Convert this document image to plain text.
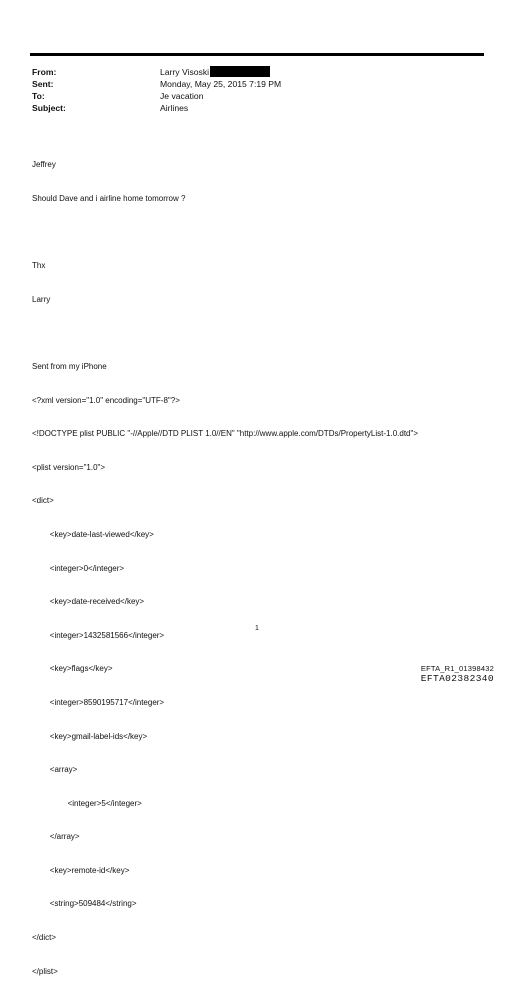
From:	Larry Visoski
Sent:	Monday, May 25, 2015 7:19 PM
To:	Je vacation
Subject:	Airlines

Jeffrey

Should Dave and i airline home tomorrow ?

Thx

Larry

Sent from my iPhone

<?xml version="1.0" encoding="UTF-8"?>

<!DOCTYPE plist PUBLIC "-//Apple//DTD PLIST 1.0//EN" "http://www.apple.com/DTDs/PropertyList-1.0.dtd">

<plist version="1.0">

<dict>

<key>date-last-viewed</key>

<integer>0</integer>

<key>date-received</key>

<integer>1432581566</integer>

<key>flags</key>

<integer>8590195717</integer>

<key>gmail-label-ids</key>

<array>

<integer>5</integer>

</array>

<key>remote-id</key>

<string>509484</string>

</dict>

</plist>

1
EFTA_R1_01398432
EFTA02382340
